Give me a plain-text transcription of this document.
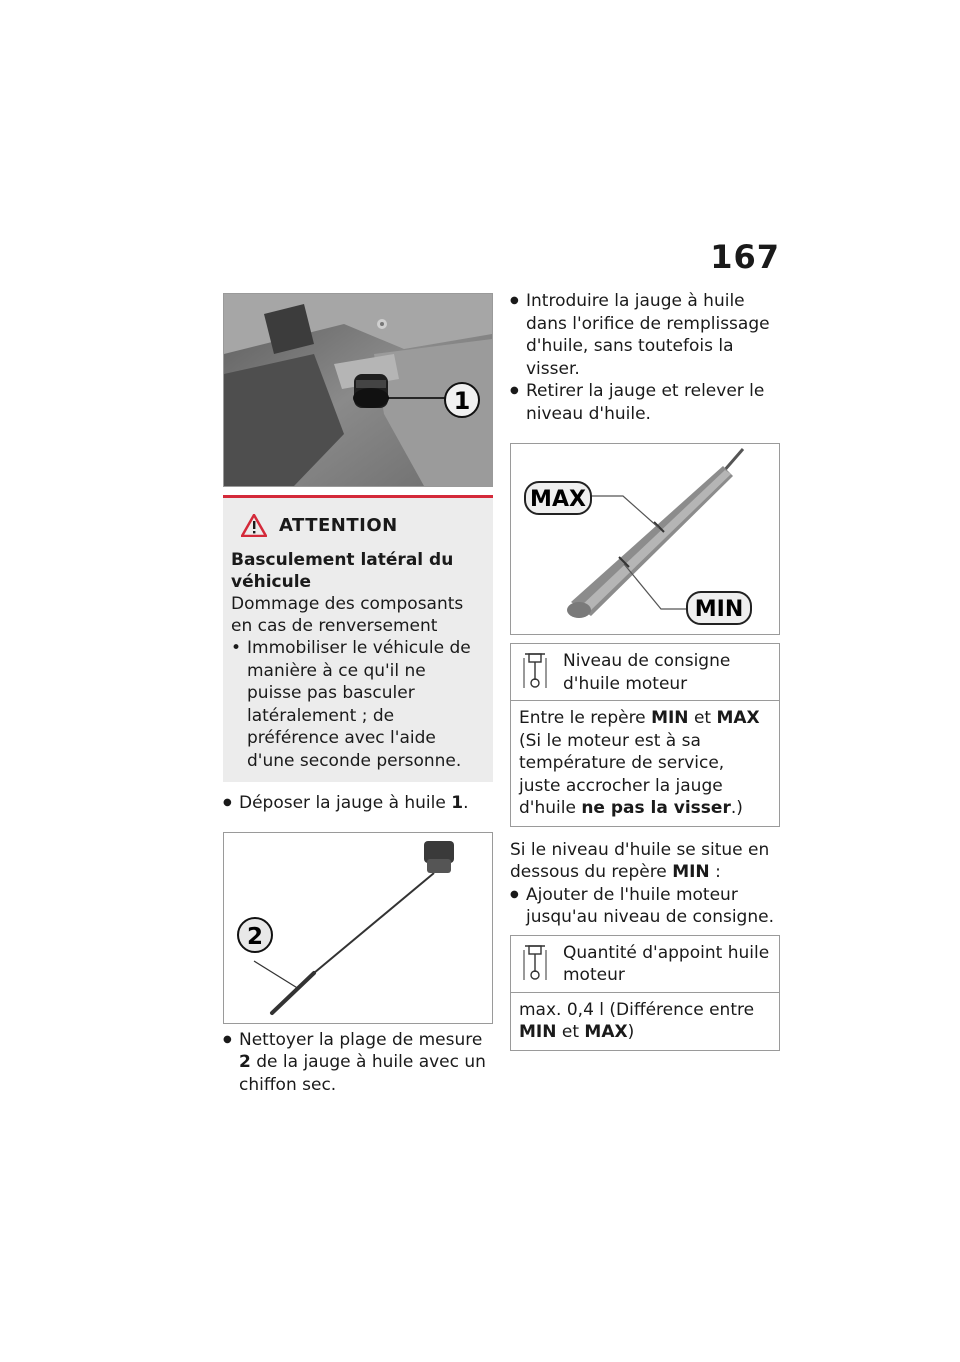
167
1
ATTENTION
Basculement latéral du véhicule
Dommage des composants en cas de renversement
• Immobiliser le véhicule de manière à ce qu'il ne puisse pas basculer latéralement ; de préférence avec l'aide d'une seconde personne.
● Déposer la jauge à huile 1.
2
● Nettoyer la plage de mesure 2 de la jauge à huile avec un chiffon sec.
● Introduire la jauge à huile dans l'orifice de remplissage d'huile, sans toutefois la visser.
● Retirer la jauge et relever le niveau d'huile.
MAX
MIN
Niveau de consigne d'huile moteur
Entre le repère MIN et MAX (Si le moteur est à sa température de service, juste accrocher la jauge d'huile ne pas la visser.)

Si le niveau d'huile se situe en dessous du repère MIN :

● Ajouter de l'huile moteur jusqu'au niveau de consigne.
Quantité d'appoint huile moteur
max. 0,4 l (Différence entre MIN et MAX)
